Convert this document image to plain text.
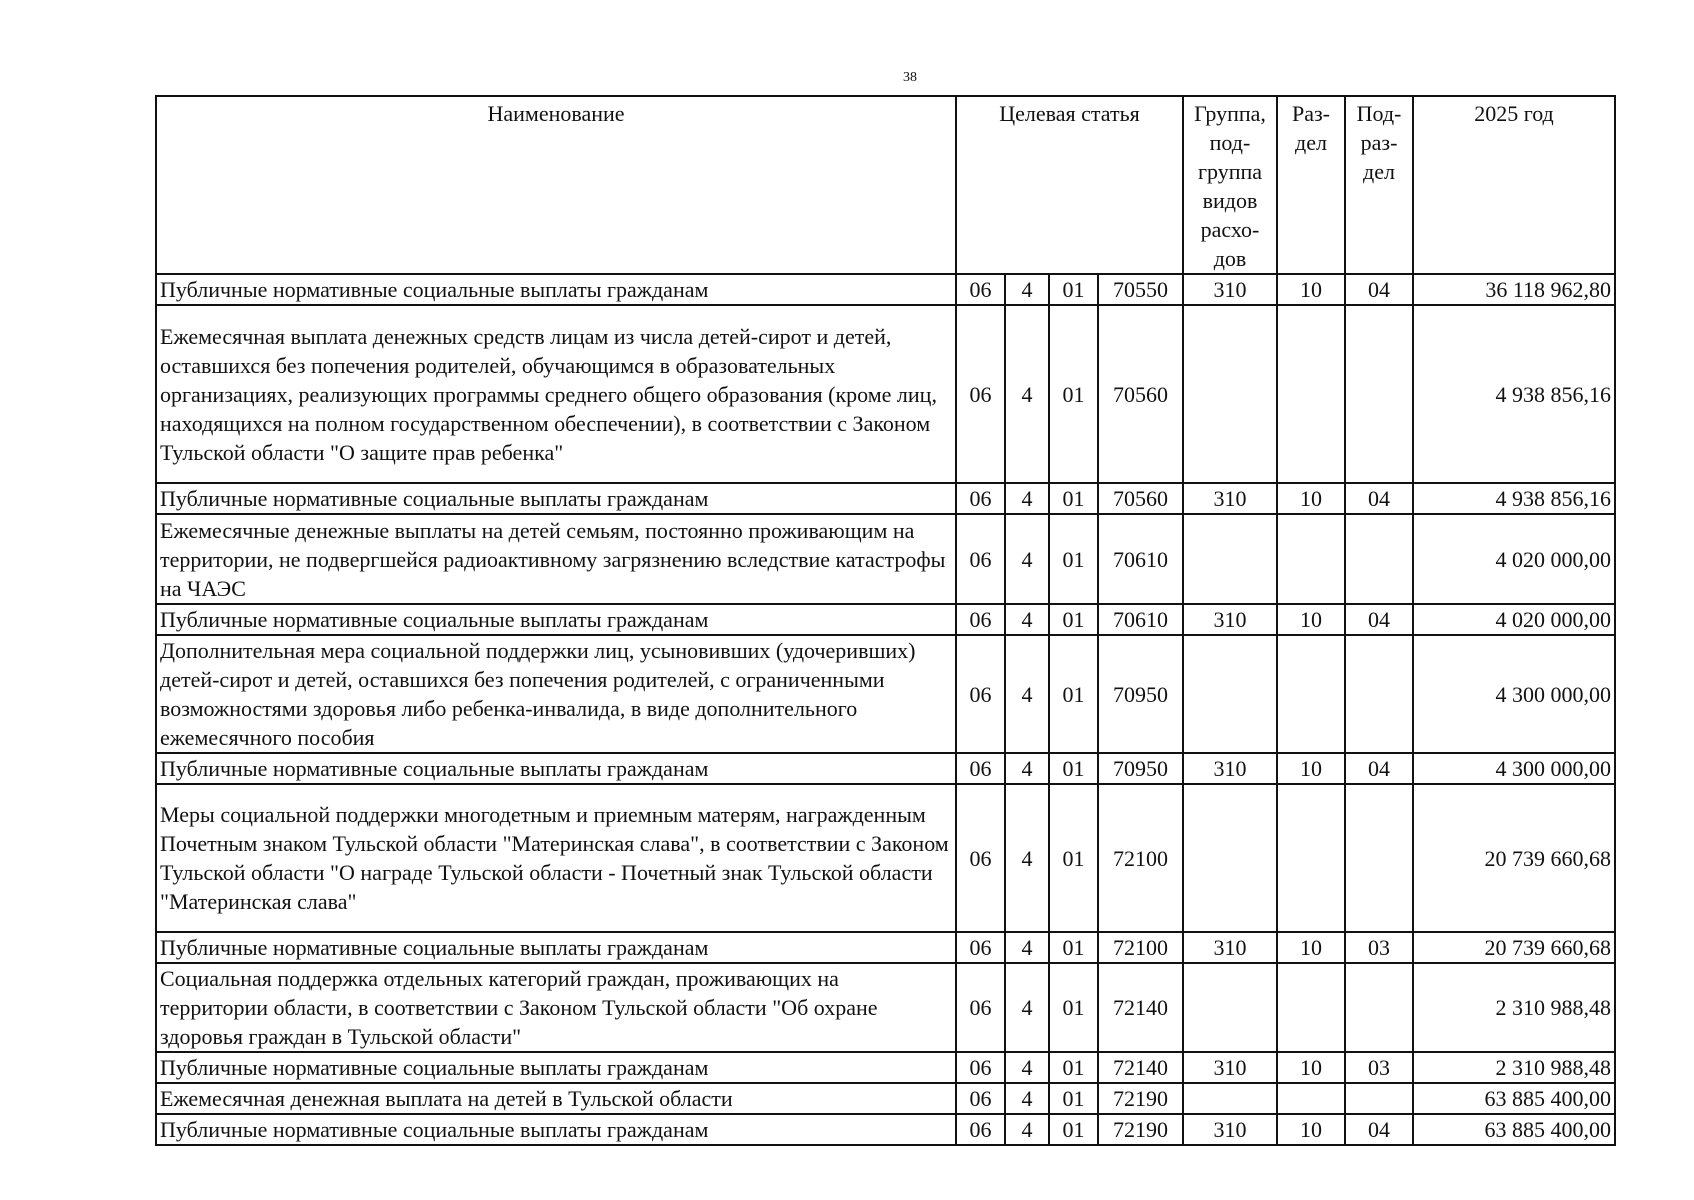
38
Наименование	Целевая статья				Группа, под-группа видов расхо-дов	Раз-дел	Под-раз-дел	2025 год
Публичные нормативные социальные выплаты гражданам	06	4	01	70550	310	10	04	36 118 962,80
Ежемесячная выплата денежных средств лицам из числа детей-сирот и детей, оставшихся без попечения родителей, обучающимся в образовательных организациях, реализующих программы среднего общего образования (кроме лиц, находящихся на полном государственном обеспечении), в соответствии с Законом Тульской области "О защите прав ребенка"	06	4	01	70560				4 938 856,16
Публичные нормативные социальные выплаты гражданам	06	4	01	70560	310	10	04	4 938 856,16
Ежемесячные денежные выплаты на детей семьям, постоянно проживающим на территории, не подвергшейся радиоактивному загрязнению вследствие катастрофы на ЧАЭС	06	4	01	70610				4 020 000,00
Публичные нормативные социальные выплаты гражданам	06	4	01	70610	310	10	04	4 020 000,00
Дополнительная мера социальной поддержки лиц, усыновивших (удочеривших) детей-сирот и детей, оставшихся без попечения родителей, с ограниченными возможностями здоровья либо ребенка-инвалида, в виде дополнительного ежемесячного пособия	06	4	01	70950				4 300 000,00
Публичные нормативные социальные выплаты гражданам	06	4	01	70950	310	10	04	4 300 000,00
Меры социальной поддержки многодетным и приемным матерям, награжденным Почетным знаком Тульской области "Материнская слава", в соответствии с Законом Тульской области "О награде Тульской области - Почетный знак Тульской области "Материнская слава"	06	4	01	72100				20 739 660,68
Публичные нормативные социальные выплаты гражданам	06	4	01	72100	310	10	03	20 739 660,68
Социальная поддержка отдельных категорий граждан, проживающих на территории области, в соответствии с Законом Тульской области "Об охране здоровья граждан в Тульской области"	06	4	01	72140				2 310 988,48
Публичные нормативные социальные выплаты гражданам	06	4	01	72140	310	10	03	2 310 988,48
Ежемесячная денежная выплата на детей в Тульской области	06	4	01	72190				63 885 400,00
Публичные нормативные социальные выплаты гражданам	06	4	01	72190	310	10	04	63 885 400,00
